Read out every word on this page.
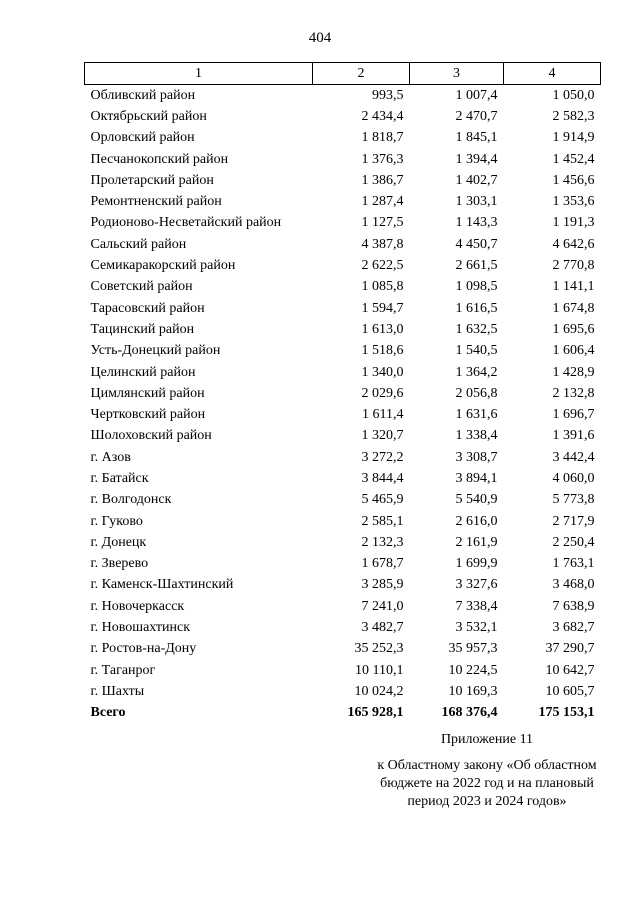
404
1	2	3	4
Обливский район	993,5	1 007,4	1 050,0
Октябрьский район	2 434,4	2 470,7	2 582,3
Орловский район	1 818,7	1 845,1	1 914,9
Песчанокопский район	1 376,3	1 394,4	1 452,4
Пролетарский район	1 386,7	1 402,7	1 456,6
Ремонтненский район	1 287,4	1 303,1	1 353,6
Родионово-Несветайский район	1 127,5	1 143,3	1 191,3
Сальский район	4 387,8	4 450,7	4 642,6
Семикаракорский район	2 622,5	2 661,5	2 770,8
Советский район	1 085,8	1 098,5	1 141,1
Тарасовский район	1 594,7	1 616,5	1 674,8
Тацинский район	1 613,0	1 632,5	1 695,6
Усть-Донецкий район	1 518,6	1 540,5	1 606,4
Целинский район	1 340,0	1 364,2	1 428,9
Цимлянский район	2 029,6	2 056,8	2 132,8
Чертковский район	1 611,4	1 631,6	1 696,7
Шолоховский район	1 320,7	1 338,4	1 391,6
г. Азов	3 272,2	3 308,7	3 442,4
г. Батайск	3 844,4	3 894,1	4 060,0
г. Волгодонск	5 465,9	5 540,9	5 773,8
г. Гуково	2 585,1	2 616,0	2 717,9
г. Донецк	2 132,3	2 161,9	2 250,4
г. Зверево	1 678,7	1 699,9	1 763,1
г. Каменск-Шахтинский	3 285,9	3 327,6	3 468,0
г. Новочеркасск	7 241,0	7 338,4	7 638,9
г. Новошахтинск	3 482,7	3 532,1	3 682,7
г. Ростов-на-Дону	35 252,3	35 957,3	37 290,7
г. Таганрог	10 110,1	10 224,5	10 642,7
г. Шахты	10 024,2	10 169,3	10 605,7
Всего	165 928,1	168 376,4	175 153,1
Приложение 11
к Областному закону «Об областном
бюджете на 2022 год и на плановый
период 2023 и 2024 годов»
